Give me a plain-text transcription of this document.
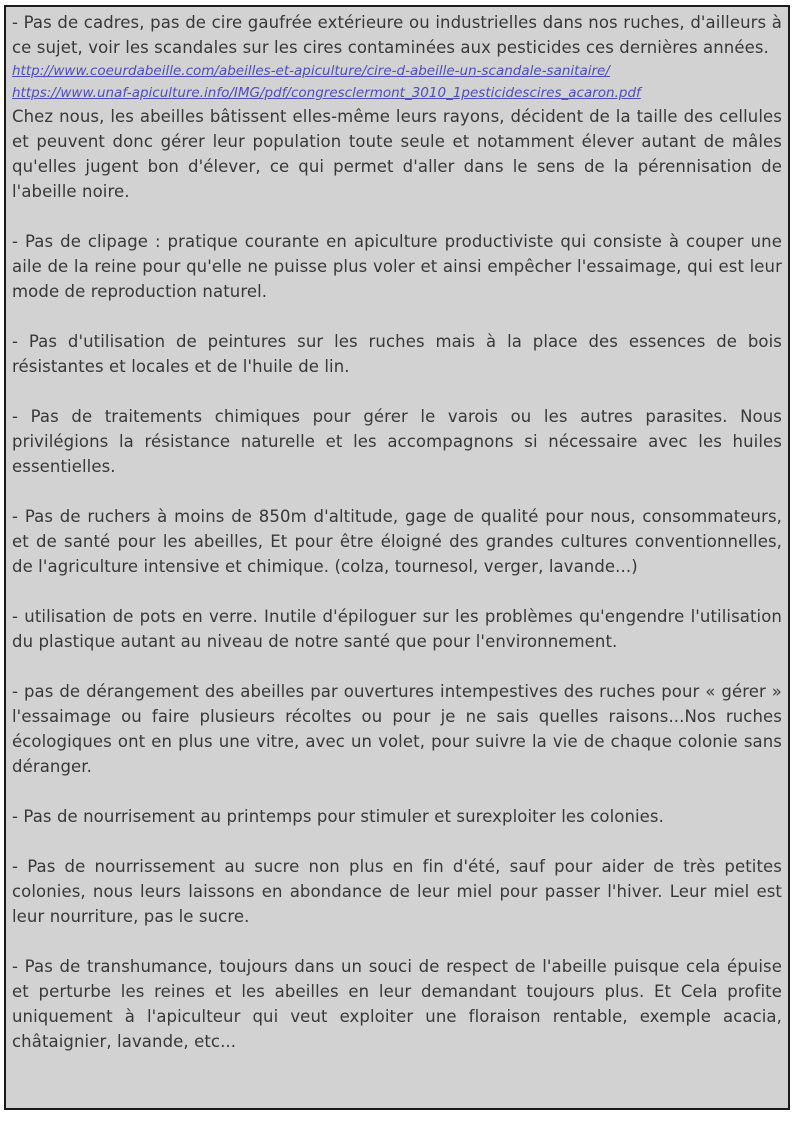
- Pas de cadres, pas de cire gaufrée extérieure ou industrielles dans nos ruches, d'ailleurs à ce sujet, voir les scandales sur les cires contaminées aux pesticides ces dernières années.

http://www.coeurdabeille.com/abeilles-et-apiculture/cire-d-abeille-un-scandale-sanitaire/

https://www.unaf-apiculture.info/IMG/pdf/congresclermont_3010_1pesticidescires_acaron.pdf

Chez nous, les abeilles bâtissent elles-même leurs rayons, décident de la taille des cellules et peuvent donc gérer leur population toute seule et notamment élever autant de mâles qu'elles jugent bon d'élever, ce qui permet d'aller dans le sens de la pérennisation de l'abeille noire.

- Pas de clipage : pratique courante en apiculture productiviste qui consiste à couper une aile de la reine pour qu'elle ne puisse plus voler et ainsi empêcher l'essaimage, qui est leur mode de reproduction naturel.

- Pas d'utilisation de peintures sur les ruches mais à la place des essences de bois résistantes et locales et de l'huile de lin.

- Pas de traitements chimiques pour gérer le varois ou les autres parasites. Nous privilégions la résistance naturelle et les accompagnons si nécessaire avec les huiles essentielles.

- Pas de ruchers à moins de 850m d'altitude, gage de qualité pour nous, consommateurs, et de santé pour les abeilles, Et pour être éloigné des grandes cultures conventionnelles, de l'agriculture intensive et chimique. (colza, tournesol, verger, lavande...)

- utilisation de pots en verre. Inutile d'épiloguer sur les problèmes qu'engendre l'utilisation du plastique autant au niveau de notre santé que pour l'environnement.

- pas de dérangement des abeilles par ouvertures intempestives des ruches pour « gérer » l'essaimage ou faire plusieurs récoltes ou pour je ne sais quelles raisons...Nos ruches écologiques ont en plus une vitre, avec un volet, pour suivre la vie de chaque colonie sans déranger.

- Pas de nourrisement au printemps pour stimuler et surexploiter les colonies.

- Pas de nourrissement au sucre non plus en fin d'été, sauf pour aider de très petites colonies, nous leurs laissons en abondance de leur miel pour passer l'hiver. Leur miel est leur nourriture, pas le sucre.

- Pas de transhumance, toujours dans un souci de respect de l'abeille puisque cela épuise et perturbe les reines et les abeilles en leur demandant toujours plus. Et Cela profite uniquement à l'apiculteur qui veut exploiter une floraison rentable, exemple acacia, châtaignier, lavande, etc...
